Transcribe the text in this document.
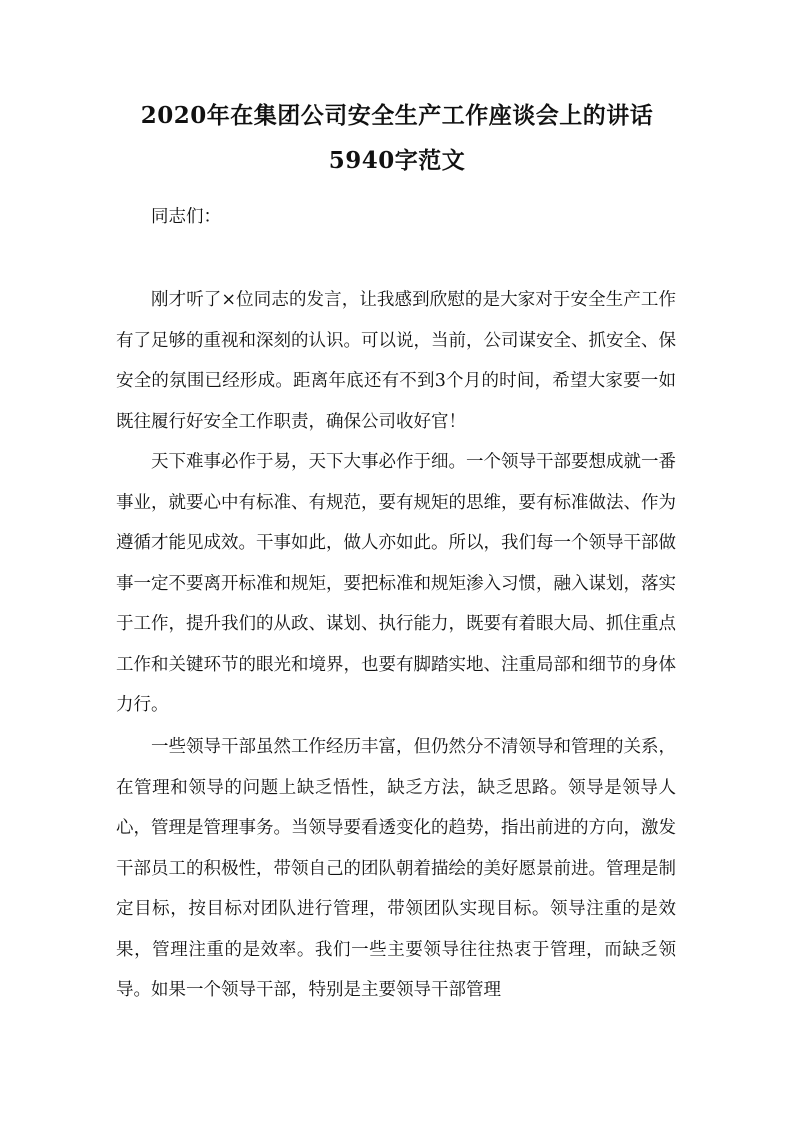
2020年在集团公司安全生产工作座谈会上的讲话
5940字范文

同志们：

刚才听了×位同志的发言，让我感到欣慰的是大家对于安全生产工作有了足够的重视和深刻的认识。可以说，当前，公司谋安全、抓安全、保安全的氛围已经形成。距离年底还有不到3个月的时间，希望大家要一如既往履行好安全工作职责，确保公司收好官！

天下难事必作于易，天下大事必作于细。一个领导干部要想成就一番事业，就要心中有标准、有规范，要有规矩的思维，要有标准做法、作为遵循才能见成效。干事如此，做人亦如此。所以，我们每一个领导干部做事一定不要离开标准和规矩，要把标准和规矩渗入习惯，融入谋划，落实于工作，提升我们的从政、谋划、执行能力，既要有着眼大局、抓住重点工作和关键环节的眼光和境界，也要有脚踏实地、注重局部和细节的身体力行。

一些领导干部虽然工作经历丰富，但仍然分不清领导和管理的关系，在管理和领导的问题上缺乏悟性，缺乏方法，缺乏思路。领导是领导人心，管理是管理事务。当领导要看透变化的趋势，指出前进的方向，激发干部员工的积极性，带领自己的团队朝着描绘的美好愿景前进。管理是制定目标，按目标对团队进行管理，带领团队实现目标。领导注重的是效果，管理注重的是效率。我们一些主要领导往往热衷于管理，而缺乏领导。如果一个领导干部，特别是主要领导干部管理
